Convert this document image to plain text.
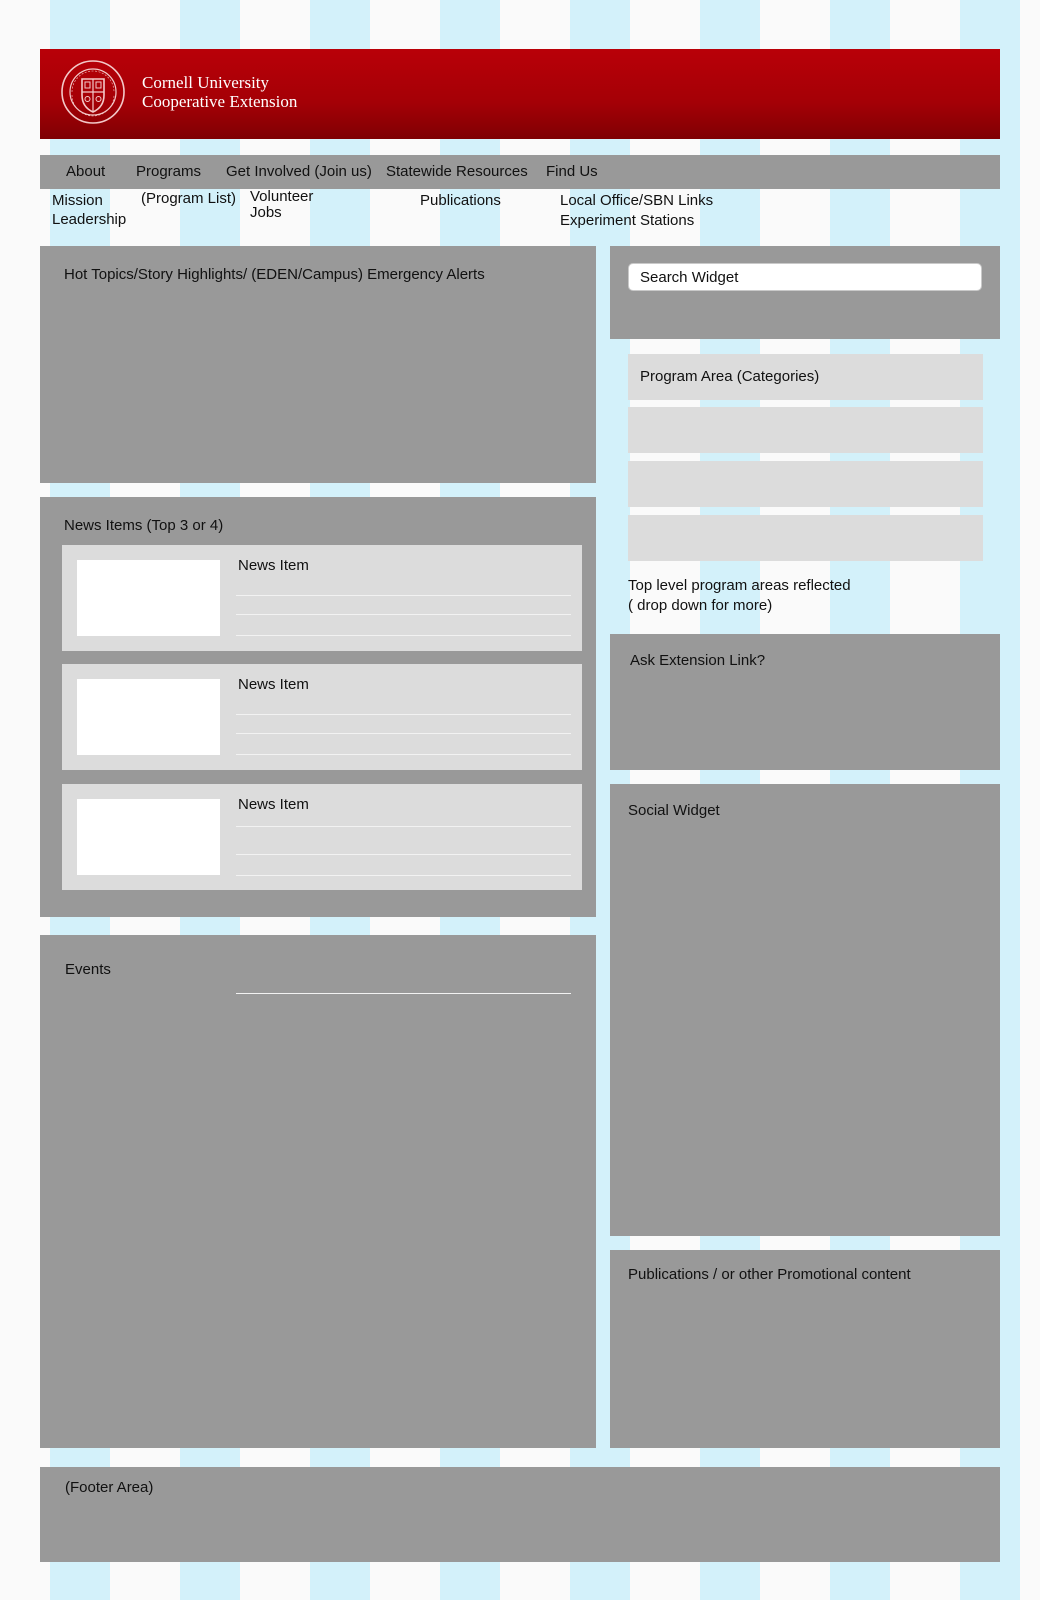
Cornell University
Cooperative Extension
About Programs Get Involved (Join us) Statewide Resources Find Us
Mission
Leadership
(Program List) Volunteer
Jobs
Publications	Local Office/SBN Links
Experiment Stations
Hot Topics/Story Highlights/ (EDEN/Campus) Emergency Alerts
Search Widget
Program Area (Categories)
Top level program areas reflected
( drop down for more)
News Items (Top 3 or 4)
News Item
News Item
News Item
Ask Extension Link?
Social Widget
Events
Publications / or other Promotional content
(Footer Area)
